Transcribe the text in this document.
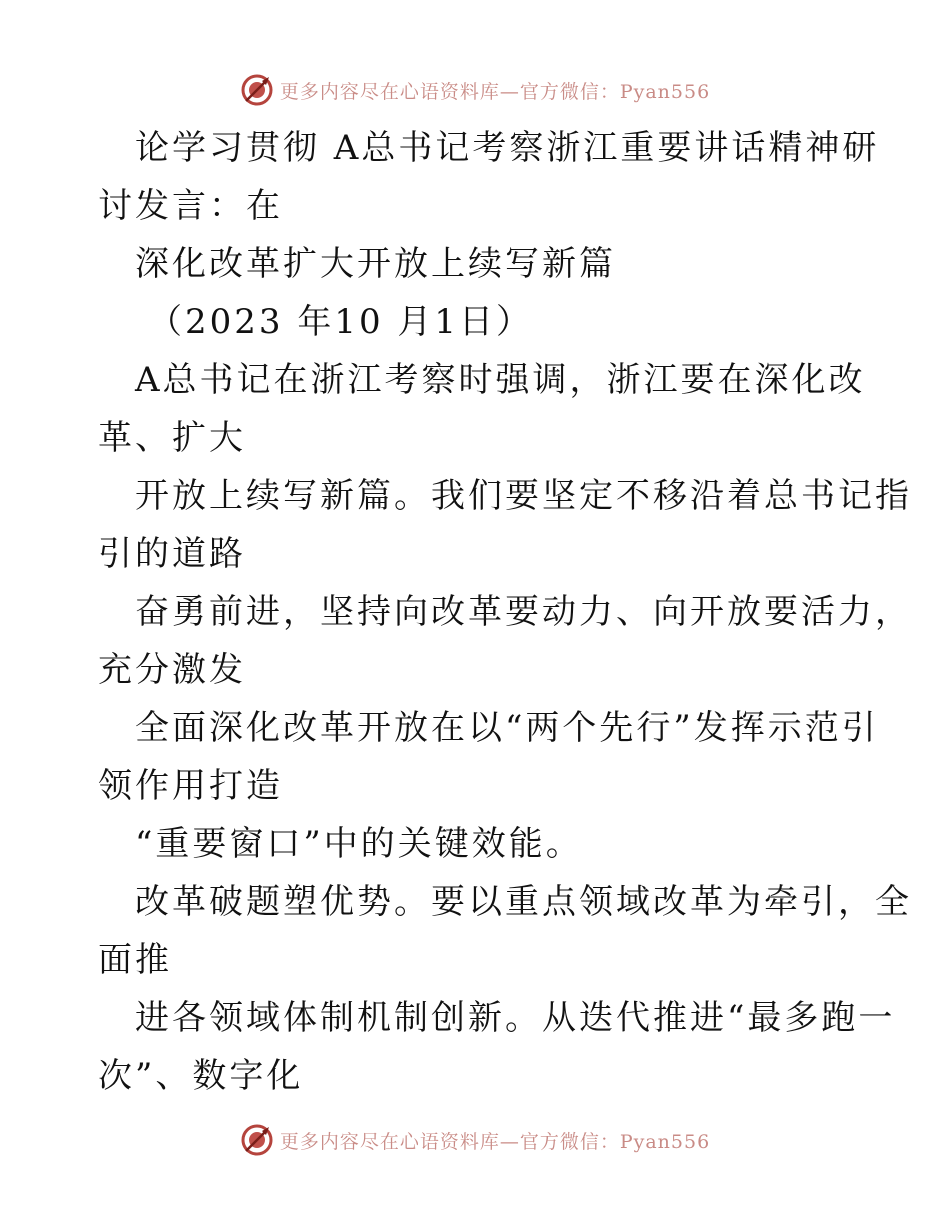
更多内容尽在心语资料库—官方微信：Pyan556
论学习贯彻 A总书记考察浙江重要讲话精神研
讨发言：在
深化改革扩大开放上续写新篇
（2023 年10 月1日）
A总书记在浙江考察时强调，浙江要在深化改
革、扩大
开放上续写新篇。我们要坚定不移沿着总书记指
引的道路
奋勇前进，坚持向改革要动力、向开放要活力，
充分激发
全面深化改革开放在以“两个先行”发挥示范引
领作用打造
“重要窗口”中的关键效能。
改革破题塑优势。要以重点领域改革为牵引，全
面推
进各领域体制机制创新。从迭代推进“最多跑一
次”、数字化
更多内容尽在心语资料库—官方微信：Pyan556
